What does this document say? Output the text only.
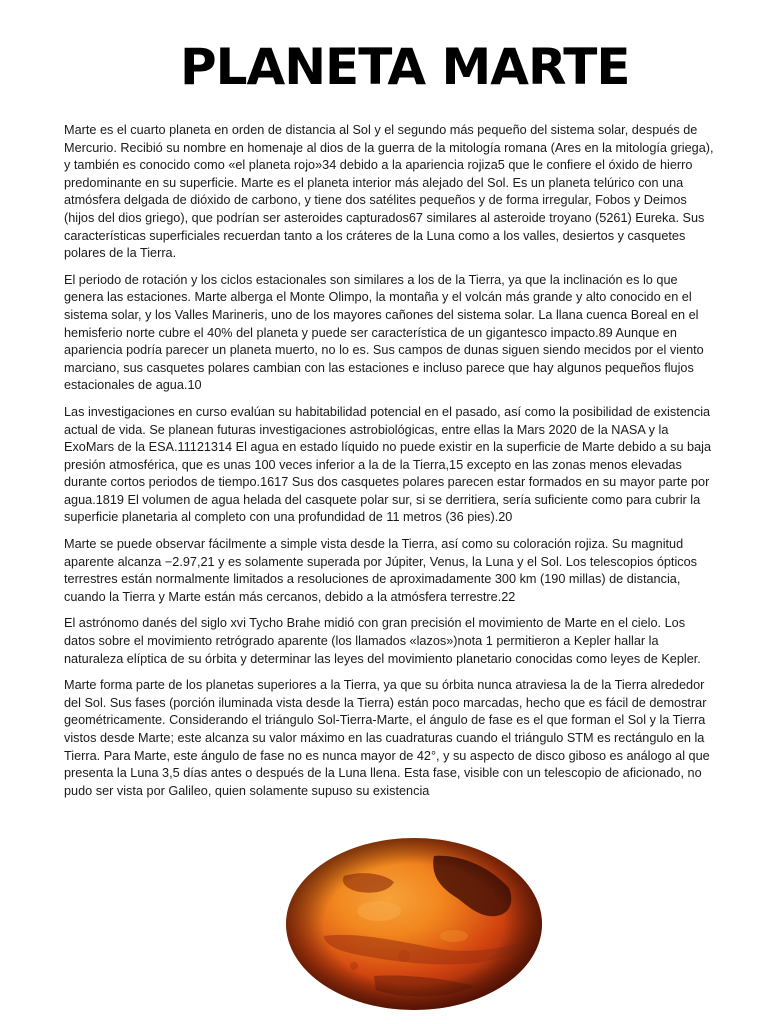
PLANETA MARTE

Marte es el cuarto planeta en orden de distancia al Sol y el segundo más pequeño del sistema solar, después de Mercurio. Recibió su nombre en homenaje al dios de la guerra de la mitología romana (Ares en la mitología griega), y también es conocido como «el planeta rojo»34 debido a la apariencia rojiza5 que le confiere el óxido de hierro predominante en su superficie. Marte es el planeta interior más alejado del Sol. Es un planeta telúrico con una atmósfera delgada de dióxido de carbono, y tiene dos satélites pequeños y de forma irregular, Fobos y Deimos (hijos del dios griego), que podrían ser asteroides capturados67 similares al asteroide troyano (5261) Eureka. Sus características superficiales recuerdan tanto a los cráteres de la Luna como a los valles, desiertos y casquetes polares de la Tierra.

El periodo de rotación y los ciclos estacionales son similares a los de la Tierra, ya que la inclinación es lo que genera las estaciones. Marte alberga el Monte Olimpo, la montaña y el volcán más grande y alto conocido en el sistema solar, y los Valles Marineris, uno de los mayores cañones del sistema solar. La llana cuenca Boreal en el hemisferio norte cubre el 40% del planeta y puede ser característica de un gigantesco impacto.89 Aunque en apariencia podría parecer un planeta muerto, no lo es. Sus campos de dunas siguen siendo mecidos por el viento marciano, sus casquetes polares cambian con las estaciones e incluso parece que hay algunos pequeños flujos estacionales de agua.10

Las investigaciones en curso evalúan su habitabilidad potencial en el pasado, así como la posibilidad de existencia actual de vida. Se planean futuras investigaciones astrobiológicas, entre ellas la Mars 2020 de la NASA y la ExoMars de la ESA.11121314 El agua en estado líquido no puede existir en la superficie de Marte debido a su baja presión atmosférica, que es unas 100 veces inferior a la de la Tierra,15 excepto en las zonas menos elevadas durante cortos periodos de tiempo.1617 Sus dos casquetes polares parecen estar formados en su mayor parte por agua.1819 El volumen de agua helada del casquete polar sur, si se derritiera, sería suficiente como para cubrir la superficie planetaria al completo con una profundidad de 11 metros (36 pies).20

Marte se puede observar fácilmente a simple vista desde la Tierra, así como su coloración rojiza. Su magnitud aparente alcanza −2.97,21 y es solamente superada por Júpiter, Venus, la Luna y el Sol. Los telescopios ópticos terrestres están normalmente limitados a resoluciones de aproximadamente 300 km (190 millas) de distancia, cuando la Tierra y Marte están más cercanos, debido a la atmósfera terrestre.22

El astrónomo danés del siglo xvi Tycho Brahe midió con gran precisión el movimiento de Marte en el cielo. Los datos sobre el movimiento retrógrado aparente (los llamados «lazos»)nota 1 permitieron a Kepler hallar la naturaleza elíptica de su órbita y determinar las leyes del movimiento planetario conocidas como leyes de Kepler.

Marte forma parte de los planetas superiores a la Tierra, ya que su órbita nunca atraviesa la de la Tierra alrededor del Sol. Sus fases (porción iluminada vista desde la Tierra) están poco marcadas, hecho que es fácil de demostrar geométricamente. Considerando el triángulo Sol-Tierra-Marte, el ángulo de fase es el que forman el Sol y la Tierra vistos desde Marte; este alcanza su valor máximo en las cuadraturas cuando el triángulo STM es rectángulo en la Tierra. Para Marte, este ángulo de fase no es nunca mayor de 42°, y su aspecto de disco giboso es análogo al que presenta la Luna 3,5 días antes o después de la Luna llena. Esta fase, visible con un telescopio de aficionado, no pudo ser vista por Galileo, quien solamente supuso su existencia
